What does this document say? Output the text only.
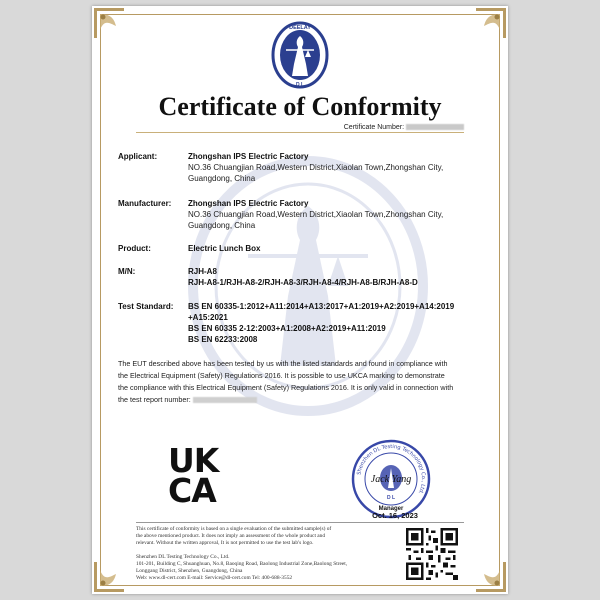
DEELAY
D L
Certificate of Conformity
Certificate Number:
Applicant:	Zhongshan IPS Electric Factory
NO.36 Chuangjian Road,Western District,Xiaolan Town,Zhongshan City,
Guangdong, China
Manufacturer: Zhongshan IPS Electric Factory
NO.36 Chuangjian Road,Western District,Xiaolan Town,Zhongshan City,
Guangdong, China
Product:	Electric Lunch Box
M/N:	RJH-A8
RJH-A8-1/RJH-A8-2/RJH-A8-3/RJH-A8-4/RJH-A8-B/RJH-A8-D
Test Standard: BS EN 60335-1:2012+A11:2014+A13:2017+A1:2019+A2:2019+A14:2019
+A15:2021
BS EN 60335 2-12:2003+A1:2008+A2:2019+A11:2019
BS EN 62233:2008
The EUT described above has been tested by us with the listed standards and found in compliance with
the Electrical Equipment (Safety) Regulations 2016. It is possible to use UKCA marking to demonstrate
the compliance with this Electrical Equipment (Safety) Regulations 2016. It is only valid in connection with
the test report number:
UK
CA	Shenzhen DL Testing Technology Co., Ltd.
D L
Jack Yang
Manager
Oct. 16, 2023
This certificate of conformity is based on a single evaluation of the submitted sample(s) of
the above mentioned product. It does not imply an assessment of the whole product and
relevant. Without the written approval, It is not permitted to use the test lab's logo.
Shenzhen DL Testing Technology Co., Ltd.
101-201, Building C, Shuanghuan, No.8, Baoqing Road, Baolong Industrial Zone,Baolong Street,
Longgang District, Shenzhen, Guangdong, China
Web: www.dl-cert.com E-mail: Service@dl-cert.com Tel: 400-688-3552
